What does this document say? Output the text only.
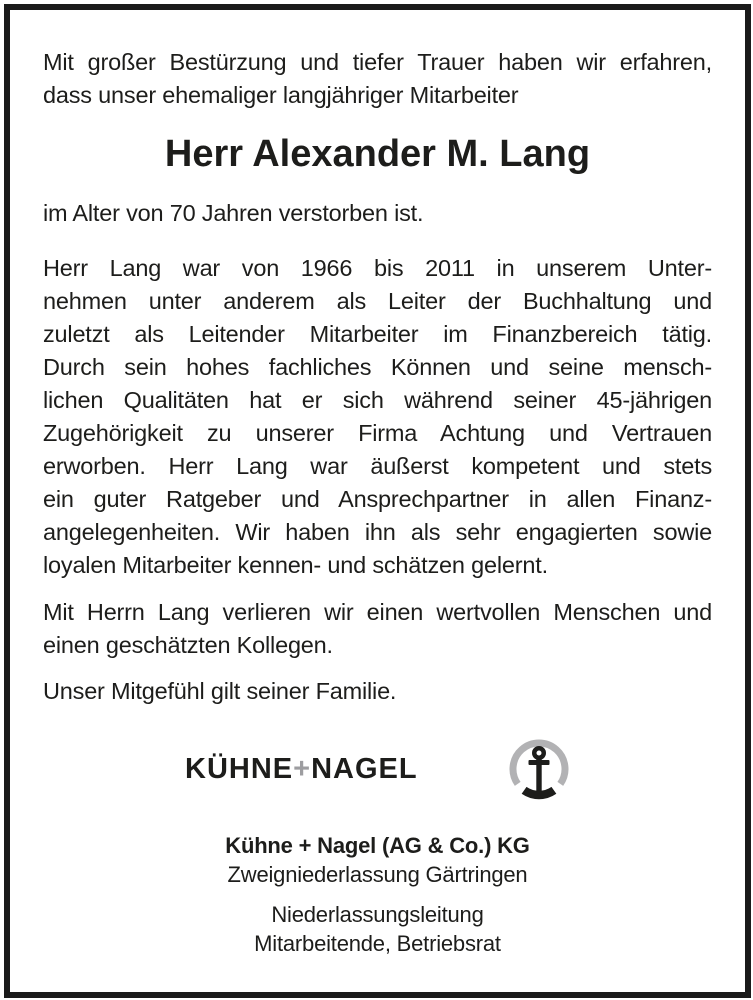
Mit großer Bestürzung und tiefer Trauer haben wir erfahren,
dass unser ehemaliger langjähriger Mitarbeiter
Herr Alexander M. Lang
im Alter von 70 Jahren verstorben ist.
Herr Lang war von 1966 bis 2011 in unserem Unter-
nehmen unter anderem als Leiter der Buchhaltung und
zuletzt als Leitender Mitarbeiter im Finanzbereich tätig.
Durch sein hohes fachliches Können und seine mensch-
lichen Qualitäten hat er sich während seiner 45-jährigen
Zugehörigkeit zu unserer Firma Achtung und Vertrauen
erworben. Herr Lang war äußerst kompetent und stets
ein guter Ratgeber und Ansprechpartner in allen Finanz-
angelegenheiten. Wir haben ihn als sehr engagierten sowie
loyalen Mitarbeiter kennen- und schätzen gelernt.
Mit Herrn Lang verlieren wir einen wertvollen Menschen und
einen geschätzten Kollegen.
Unser Mitgefühl gilt seiner Familie.
KÜHNE+NAGEL
Kühne + Nagel (AG & Co.) KG
Zweigniederlassung Gärtringen
Niederlassungsleitung
Mitarbeitende, Betriebsrat
